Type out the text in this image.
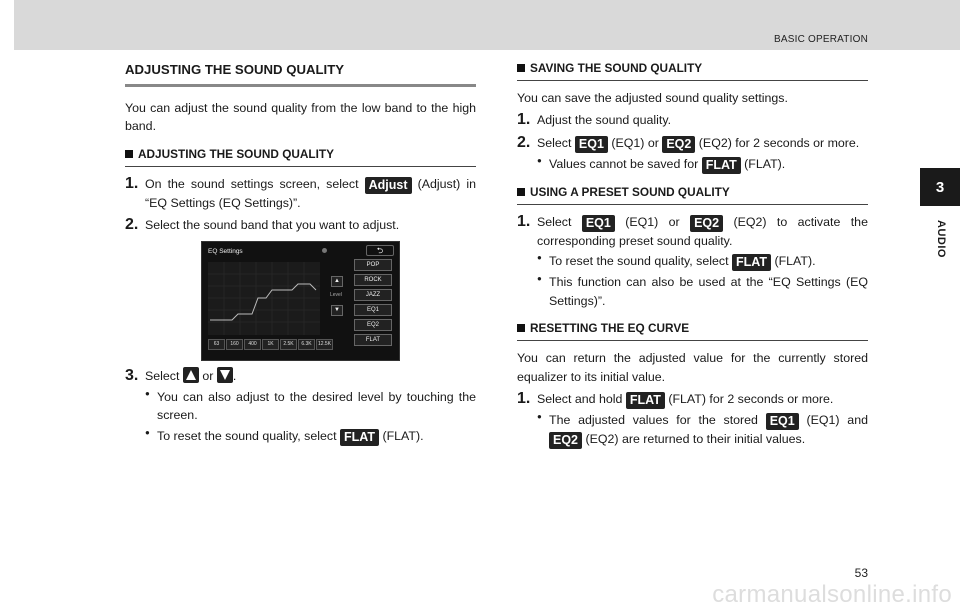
BASIC OPERATION
3
AUDIO
ADJUSTING THE SOUND QUALITY

You can adjust the sound quality from the low band to the high band.

ADJUSTING THE SOUND QUALITY
1. On the sound settings screen, select Adjust (Adjust) in “EQ Settings (EQ Settings)”.
2. Select the sound band that you want to adjust.
EQ Settings	⮌
▲
Level
▼
POP
ROCK
JAZZ
EQ1
EQ2
FLAT
63	160	400	1K	2.5K	6.3K	12.5K
3. Select or .
● You can also adjust to the desired level by touching the screen.
● To reset the sound quality, select FLAT (FLAT).
SAVING THE SOUND QUALITY

You can save the adjusted sound quality settings.

1. Adjust the sound quality.
2. Select EQ1 (EQ1) or EQ2 (EQ2) for 2 seconds or more.
● Values cannot be saved for FLAT (FLAT).
USING A PRESET SOUND QUALITY
1. Select EQ1 (EQ1) or EQ2 (EQ2) to activate the corresponding preset sound quality.
● To reset the sound quality, select FLAT (FLAT).
● This function can also be used at the “EQ Settings (EQ Settings)”.
RESETTING THE EQ CURVE

You can return the adjusted value for the currently stored equalizer to its initial value.

1. Select and hold FLAT (FLAT) for 2 seconds or more.
● The adjusted values for the stored EQ1 (EQ1) and EQ2 (EQ2) are returned to their initial values.
53
carmanualsonline.info
